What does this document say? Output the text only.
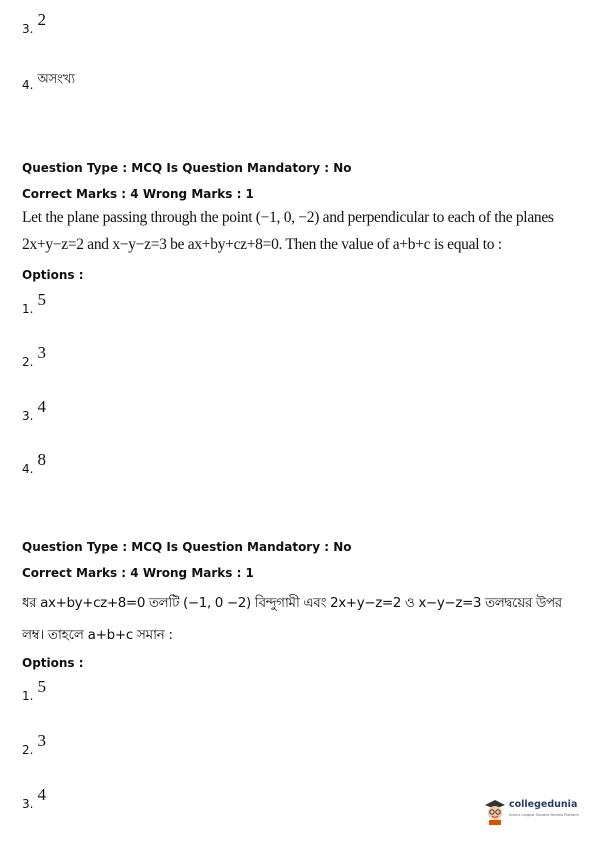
3. 2
4. $^{অসংখ্য}$
Question Type : MCQ Is Question Mandatory : No
Correct Marks : 4 Wrong Marks : 1
Let the plane passing through the point (−1, 0, −2) and perpendicular to each of the planes
2x+y−z=2 and x−y−z=3 be ax+by+cz+8=0. Then the value of a+b+c is equal to :
Options :
1. 5
2. 3
3. 4
4. 8
Question Type : MCQ Is Question Mandatory : No
Correct Marks : 4 Wrong Marks : 1
ধর ax+by+cz+8=0 তলটি (−1, 0 −2) বিন্দুগামী এবং 2x+y−z=2 ও x−y−z=3 তলদ্বয়ের উপর
লম্ব। তাহলে a+b+c সমান :
Options :
1. 5
2. 3
3. 4
collegedunia
India's Largest Student Review Platform
